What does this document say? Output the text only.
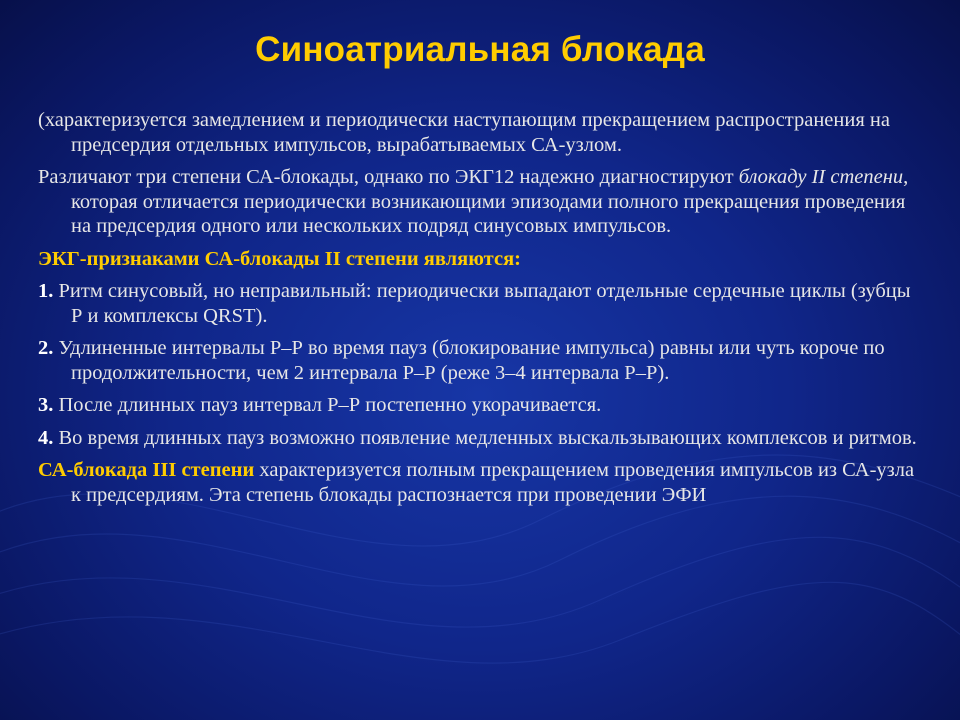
Синоатриальная блокада

(характеризуется замедлением и периодически наступающим прекращением распространения на предсердия отдельных импульсов, вырабатываемых СА-узлом.

Различают три степени СА-блокады, однако по ЭКГ12 надежно диагностируют блокаду II степени, которая отличается периодически возникающими эпизодами полного прекращения проведения на предсердия одного или нескольких подряд синусовых импульсов.

ЭКГ-признаками СА-блокады II степени являются:

1. Ритм синусовый, но неправильный: периодически выпадают отдельные сердечные циклы (зубцы Р и комплексы QRST).

2. Удлиненные интервалы Р–Р во время пауз (блокирование импульса) равны или чуть короче по продолжительности, чем 2 интервала Р–Р (реже 3–4 интервала Р–Р).

3. После длинных пауз интервал Р–Р постепенно укорачивается.

4. Во время длинных пауз возможно появление медленных выскальзывающих комплексов и ритмов.

СА-блокада III степени характеризуется полным прекращением проведения импульсов из СА-узла к предсердиям. Эта степень блокады распознается при проведении ЭФИ
